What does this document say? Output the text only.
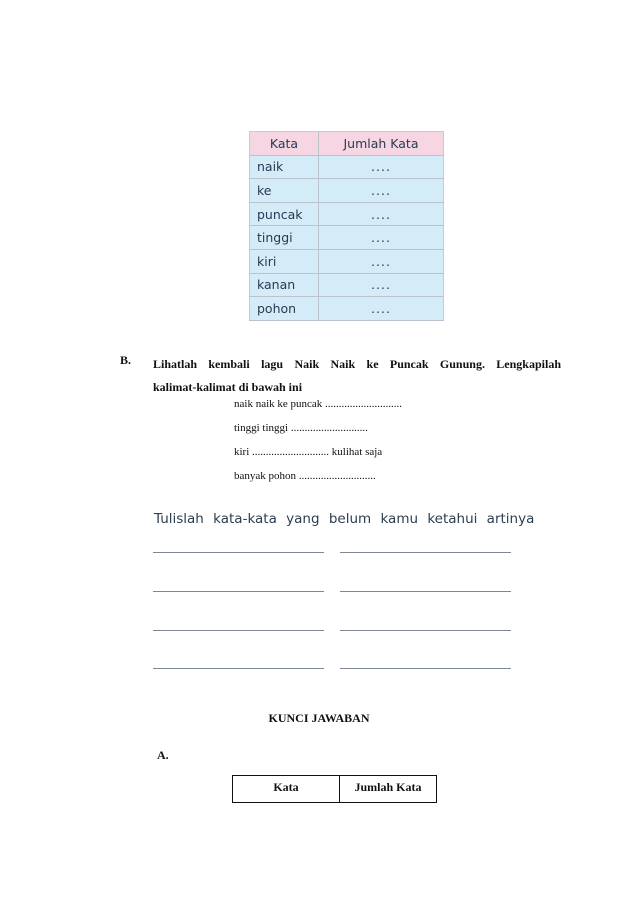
Kata	Jumlah Kata
naik	....
ke	....
puncak	....
tinggi	....
kiri	....
kanan	....
pohon	....
B. Lihatlah kembali lagu Naik Naik ke Puncak Gunung. Lengkapilah
kalimat-kalimat di bawah ini
naik naik ke puncak ............................
tinggi tinggi ............................
kiri ............................ kulihat saja
banyak pohon ............................
Tulislah kata-kata yang belum kamu ketahui artinya
KUNCI JAWABAN
A.
Kata	Jumlah Kata
